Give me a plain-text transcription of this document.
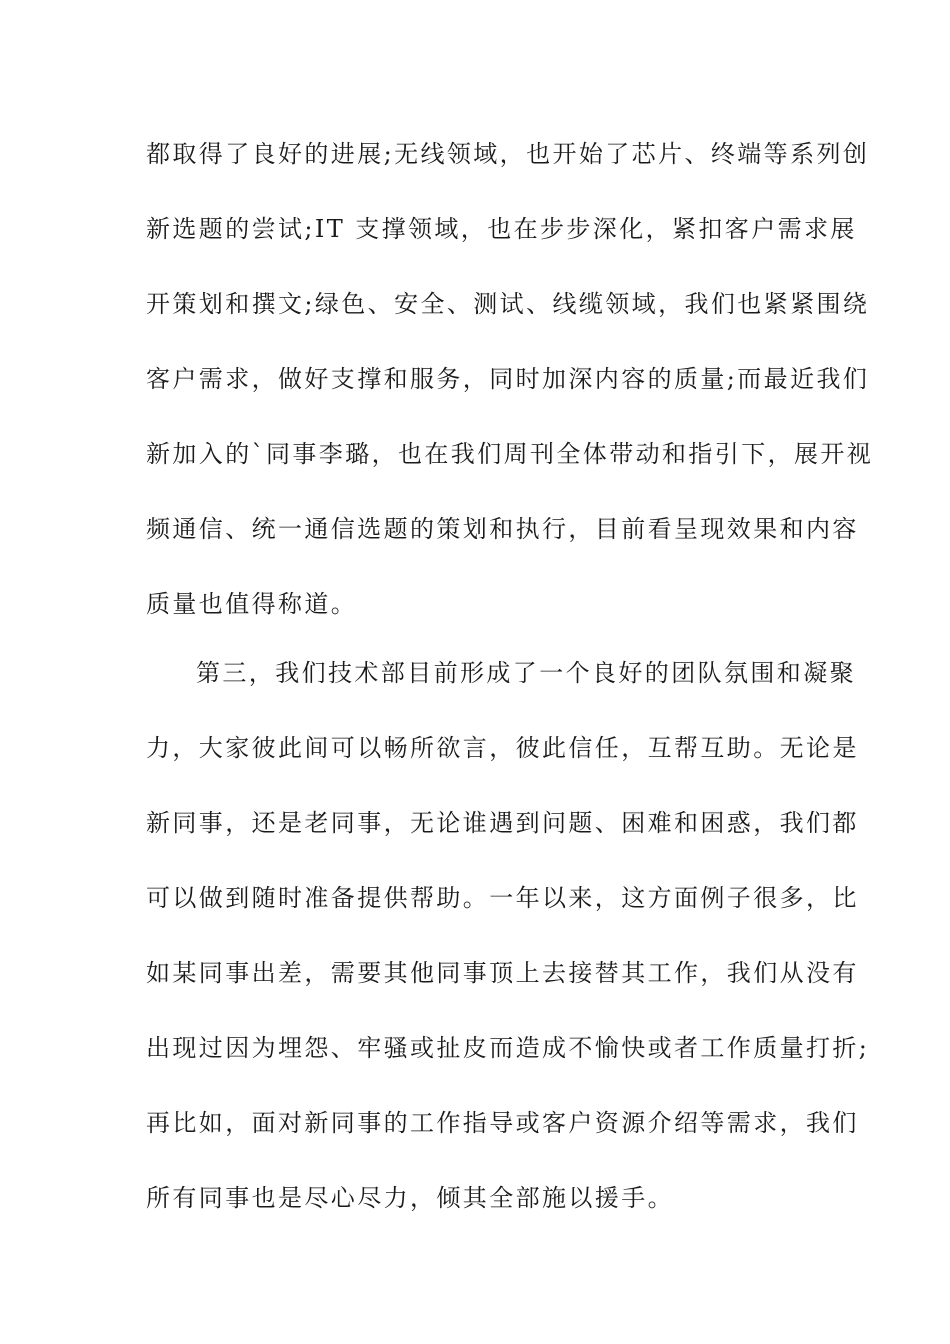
都取得了良好的进展;无线领域，也开始了芯片、终端等系列创
新选题的尝试;IT 支撑领域，也在步步深化，紧扣客户需求展
开策划和撰文;绿色、安全、测试、线缆领域，我们也紧紧围绕
客户需求，做好支撑和服务，同时加深内容的质量;而最近我们
新加入的`同事李璐，也在我们周刊全体带动和指引下，展开视
频通信、统一通信选题的策划和执行，目前看呈现效果和内容
质量也值得称道。
第三，我们技术部目前形成了一个良好的团队氛围和凝聚
力，大家彼此间可以畅所欲言，彼此信任，互帮互助。无论是
新同事，还是老同事，无论谁遇到问题、困难和困惑，我们都
可以做到随时准备提供帮助。一年以来，这方面例子很多，比
如某同事出差，需要其他同事顶上去接替其工作，我们从没有
出现过因为埋怨、牢骚或扯皮而造成不愉快或者工作质量打折;
再比如，面对新同事的工作指导或客户资源介绍等需求，我们
所有同事也是尽心尽力，倾其全部施以援手。
